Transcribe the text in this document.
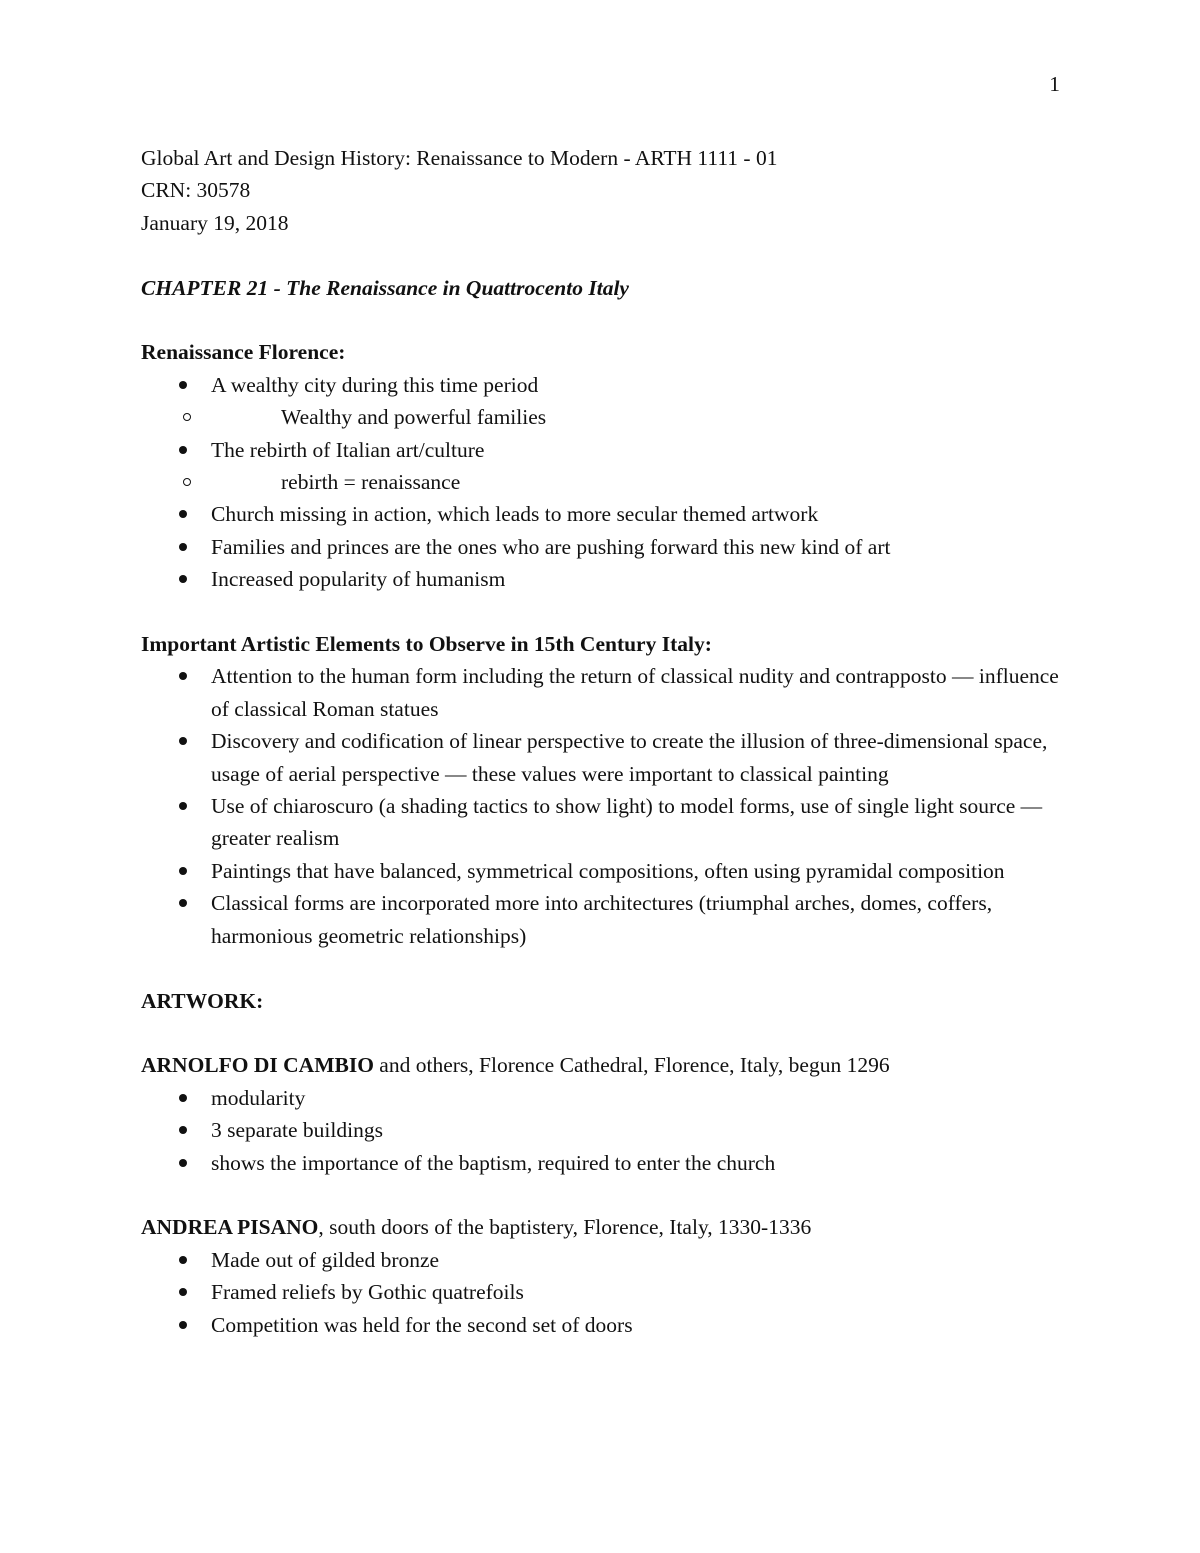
1
Global Art and Design History: Renaissance to Modern - ARTH 1111 - 01
CRN: 30578
January 19, 2018
CHAPTER 21 - The Renaissance in Quattrocento Italy
Renaissance Florence:
A wealthy city during this time period
Wealthy and powerful families
The rebirth of Italian art/culture
rebirth = renaissance
Church missing in action, which leads to more secular themed artwork
Families and princes are the ones who are pushing forward this new kind of art
Increased popularity of humanism
Important Artistic Elements to Observe in 15th Century Italy:
Attention to the human form including the return of classical nudity and contrapposto — influence of classical Roman statues
Discovery and codification of linear perspective to create the illusion of three-dimensional space, usage of aerial perspective — these values were important to classical painting
Use of chiaroscuro (a shading tactics to show light) to model forms, use of single light source — greater realism
Paintings that have balanced, symmetrical compositions, often using pyramidal composition
Classical forms are incorporated more into architectures (triumphal arches, domes, coffers, harmonious geometric relationships)
ARTWORK:
ARNOLFO DI CAMBIO and others, Florence Cathedral, Florence, Italy, begun 1296
modularity
3 separate buildings
shows the importance of the baptism, required to enter the church
ANDREA PISANO, south doors of the baptistery, Florence, Italy, 1330-1336
Made out of gilded bronze
Framed reliefs by Gothic quatrefoils
Competition was held for the second set of doors
